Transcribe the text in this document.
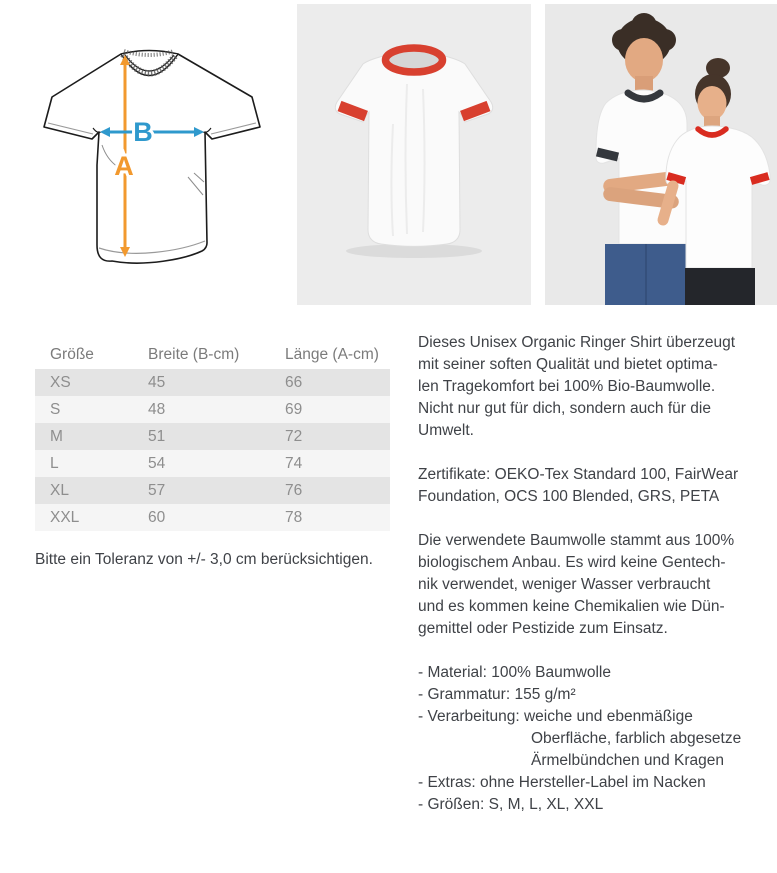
B
A
Größe	Breite (B-cm)	Länge (A-cm)
XS	45	66
S	48	69
M	51	72
L	54	74
XL	57	76
XXL	60	78
Bitte ein Toleranz von +/- 3,0 cm berücksichtigen.
Dieses Unisex Organic Ringer Shirt überzeugt
mit seiner soften Qualität und bietet optima-
len Tragekomfort bei 100% Bio-Baumwolle.
Nicht nur gut für dich, sondern auch für die
Umwelt.
Zertifikate: OEKO-Tex Standard 100, FairWear
Foundation, OCS 100 Blended, GRS, PETA
Die verwendete Baumwolle stammt aus 100%
biologischem Anbau. Es wird keine Gentech-
nik verwendet, weniger Wasser verbraucht
und es kommen keine Chemikalien wie Dün-
gemittel oder Pestizide zum Einsatz.
- Material: 100% Baumwolle
- Grammatur: 155 g/m²
- Verarbeitung: weiche und ebenmäßige
Oberfläche, farblich abgesetze
Ärmelbündchen und Kragen
- Extras: ohne Hersteller-Label im Nacken
- Größen: S, M, L, XL, XXL
